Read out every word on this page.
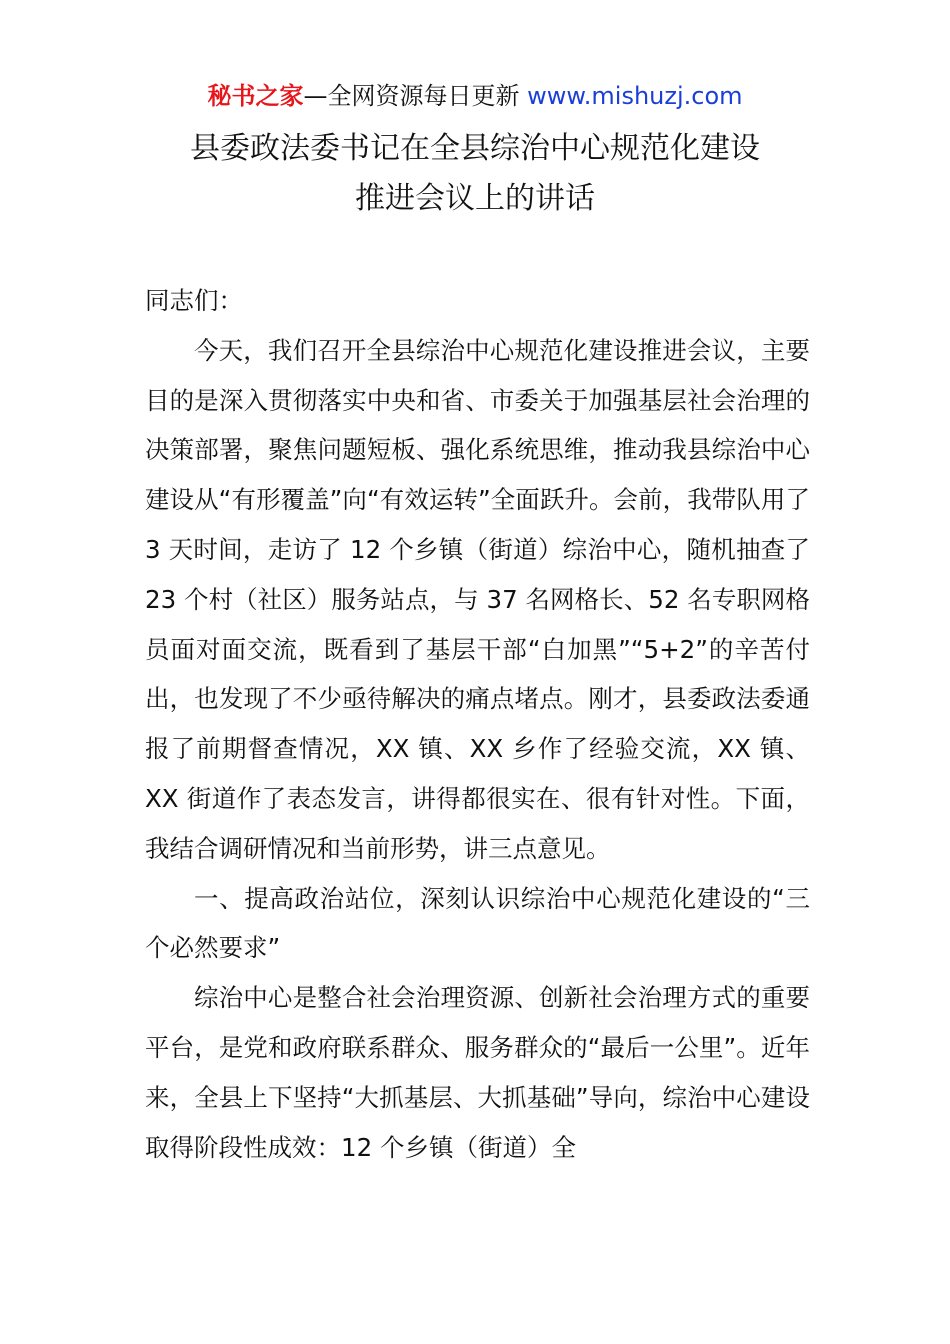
秘书之家—全网资源每日更新 www.mishuzj.com
县委政法委书记在全县综治中心规范化建设
推进会议上的讲话

同志们：

今天，我们召开全县综治中心规范化建设推进会议，主要目的是深入贯彻落实中央和省、市委关于加强基层社会治理的决策部署，聚焦问题短板、强化系统思维，推动我县综治中心建设从“有形覆盖”向“有效运转”全面跃升。会前，我带队用了 3 天时间，走访了 12 个乡镇（街道）综治中心，随机抽查了 23 个村（社区）服务站点，与 37 名网格长、52 名专职网格员面对面交流，既看到了基层干部“白加黑”“5+2”的辛苦付出，也发现了不少亟待解决的痛点堵点。刚才，县委政法委通报了前期督查情况，XX 镇、XX 乡作了经验交流，XX 镇、XX 街道作了表态发言，讲得都很实在、很有针对性。下面，我结合调研情况和当前形势，讲三点意见。

一、提高政治站位，深刻认识综治中心规范化建设的“三个必然要求”

综治中心是整合社会治理资源、创新社会治理方式的重要平台，是党和政府联系群众、服务群众的“最后一公里”。近年来，全县上下坚持“大抓基层、大抓基础”导向，综治中心建设取得阶段性成效：12 个乡镇（街道）全
